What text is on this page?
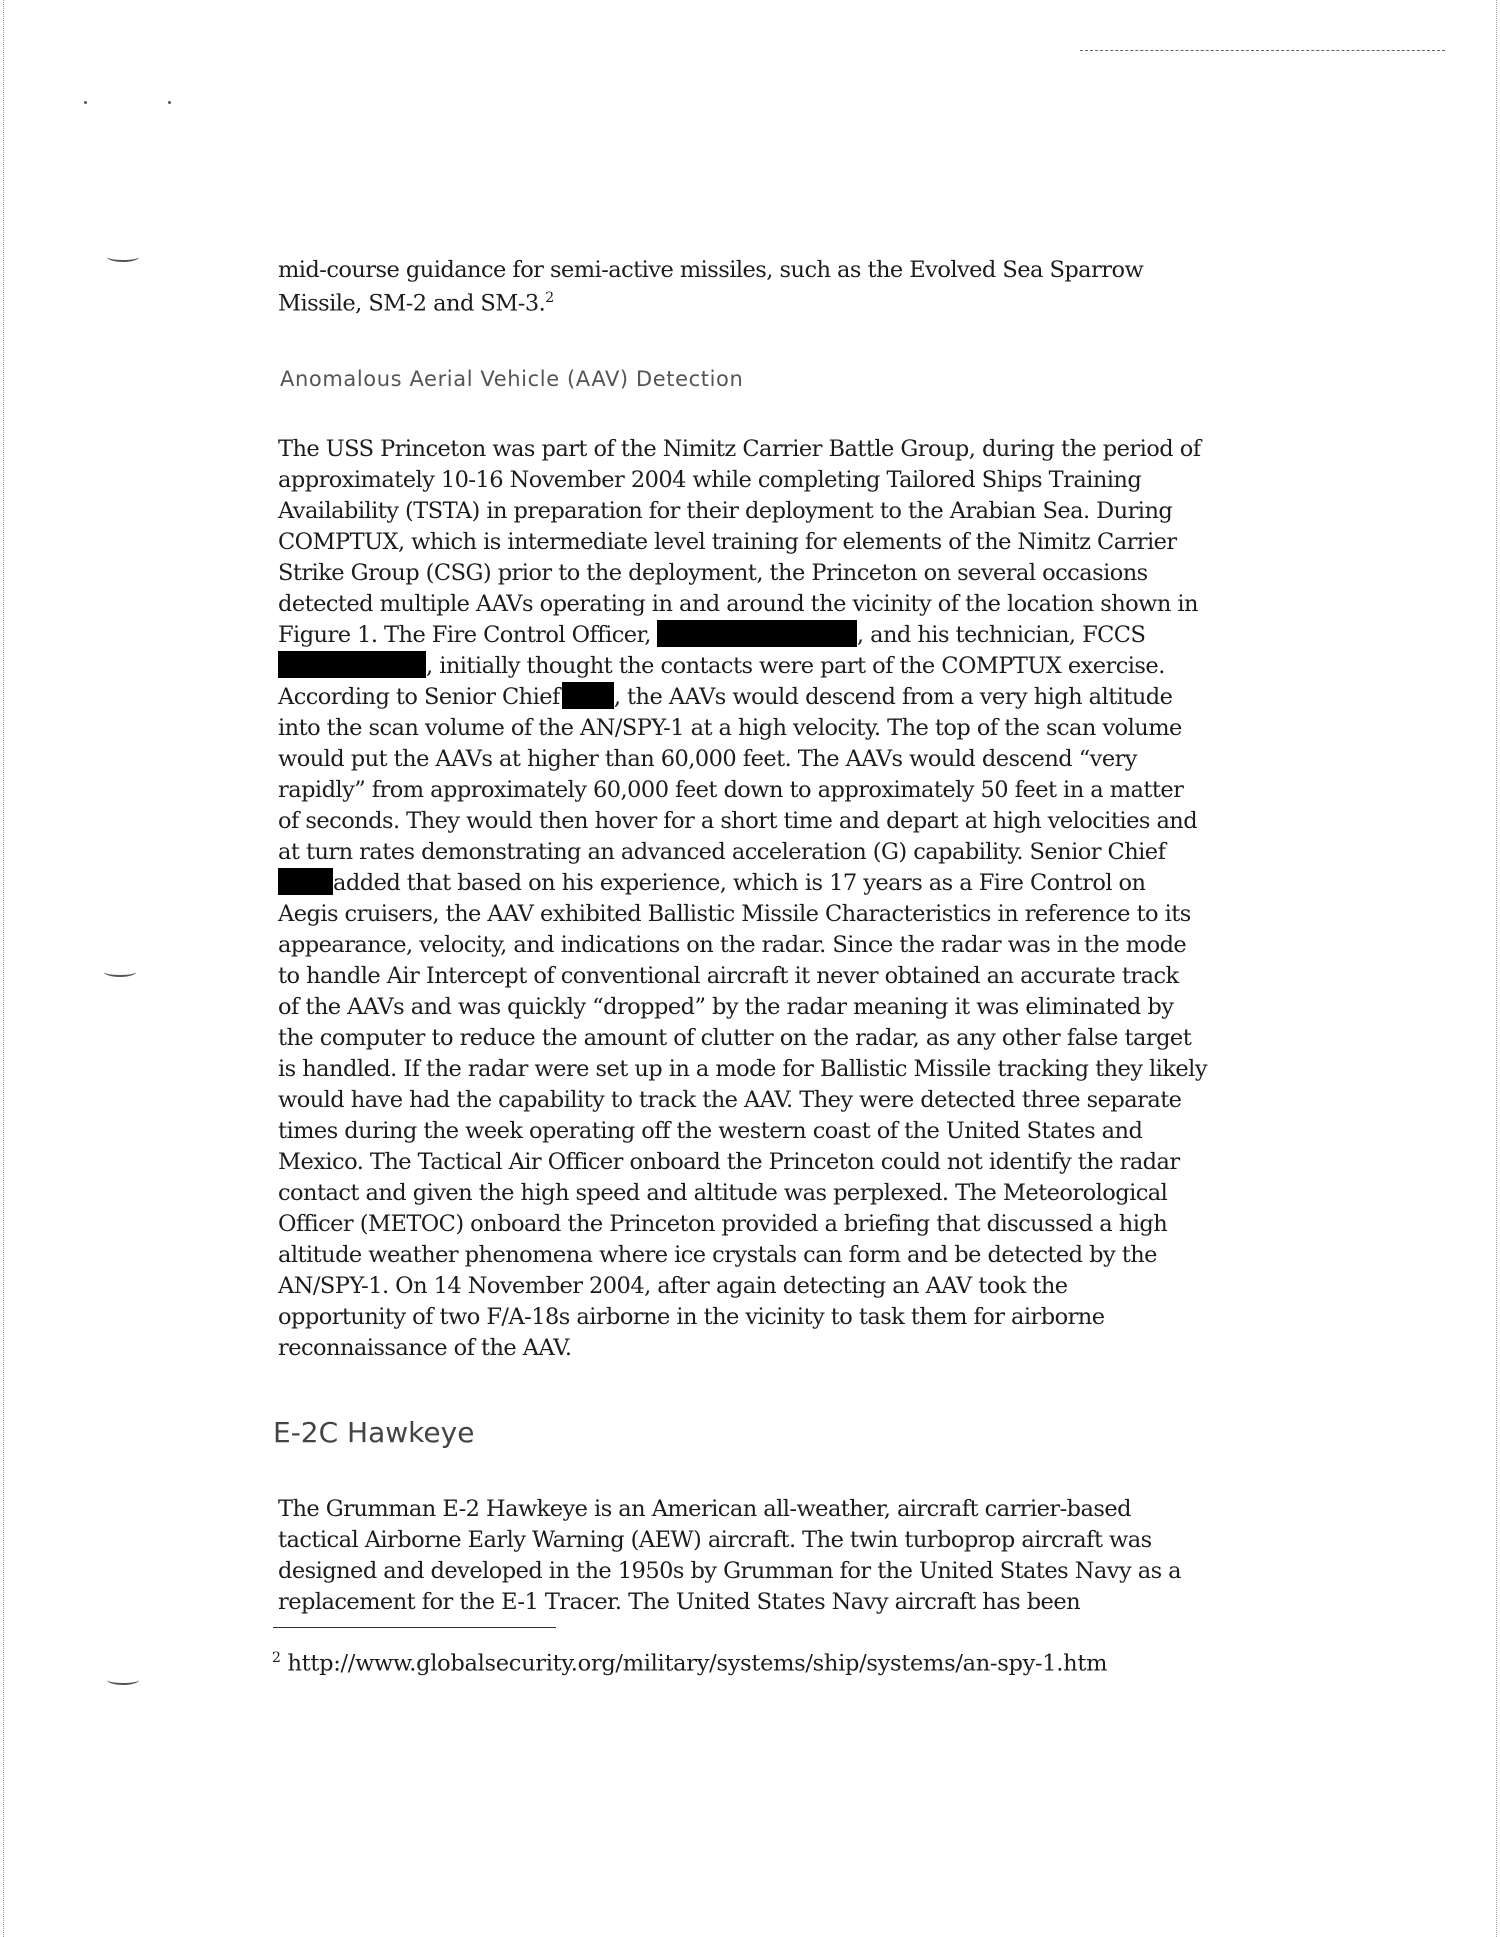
mid-course guidance for semi-active missiles, such as the Evolved Sea Sparrow
Missile, SM-2 and SM-3.$^2$
Anomalous Aerial Vehicle (AAV) Detection
The USS Princeton was part of the Nimitz Carrier Battle Group, during the period of
approximately 10-16 November 2004 while completing Tailored Ships Training
Availability (TSTA) in preparation for their deployment to the Arabian Sea. During
COMPTUX, which is intermediate level training for elements of the Nimitz Carrier
Strike Group (CSG) prior to the deployment, the Princeton on several occasions
detected multiple AAVs operating in and around the vicinity of the location shown in
Figure 1. The Fire Control Officer,	, and his technician, FCCS
, initially thought the contacts were part of the COMPTUX exercise.
According to Senior Chief , the AAVs would descend from a very high altitude
into the scan volume of the AN/SPY-1 at a high velocity. The top of the scan volume
would put the AAVs at higher than 60,000 feet. The AAVs would descend “very
rapidly” from approximately 60,000 feet down to approximately 50 feet in a matter
of seconds. They would then hover for a short time and depart at high velocities and
at turn rates demonstrating an advanced acceleration (G) capability. Senior Chief
added that based on his experience, which is 17 years as a Fire Control on
Aegis cruisers, the AAV exhibited Ballistic Missile Characteristics in reference to its
appearance, velocity, and indications on the radar. Since the radar was in the mode
to handle Air Intercept of conventional aircraft it never obtained an accurate track
of the AAVs and was quickly “dropped” by the radar meaning it was eliminated by
the computer to reduce the amount of clutter on the radar, as any other false target
is handled. If the radar were set up in a mode for Ballistic Missile tracking they likely
would have had the capability to track the AAV. They were detected three separate
times during the week operating off the western coast of the United States and
Mexico. The Tactical Air Officer onboard the Princeton could not identify the radar
contact and given the high speed and altitude was perplexed. The Meteorological
Officer (METOC) onboard the Princeton provided a briefing that discussed a high
altitude weather phenomena where ice crystals can form and be detected by the
AN/SPY-1. On 14 November 2004, after again detecting an AAV took the
opportunity of two F/A-18s airborne in the vicinity to task them for airborne
reconnaissance of the AAV.
E-2C Hawkeye
The Grumman E-2 Hawkeye is an American all-weather, aircraft carrier-based
tactical Airborne Early Warning (AEW) aircraft. The twin turboprop aircraft was
designed and developed in the 1950s by Grumman for the United States Navy as a
replacement for the E-1 Tracer. The United States Navy aircraft has been
$^2$ http://www.globalsecurity.org/military/systems/ship/systems/an-spy-1.htm
